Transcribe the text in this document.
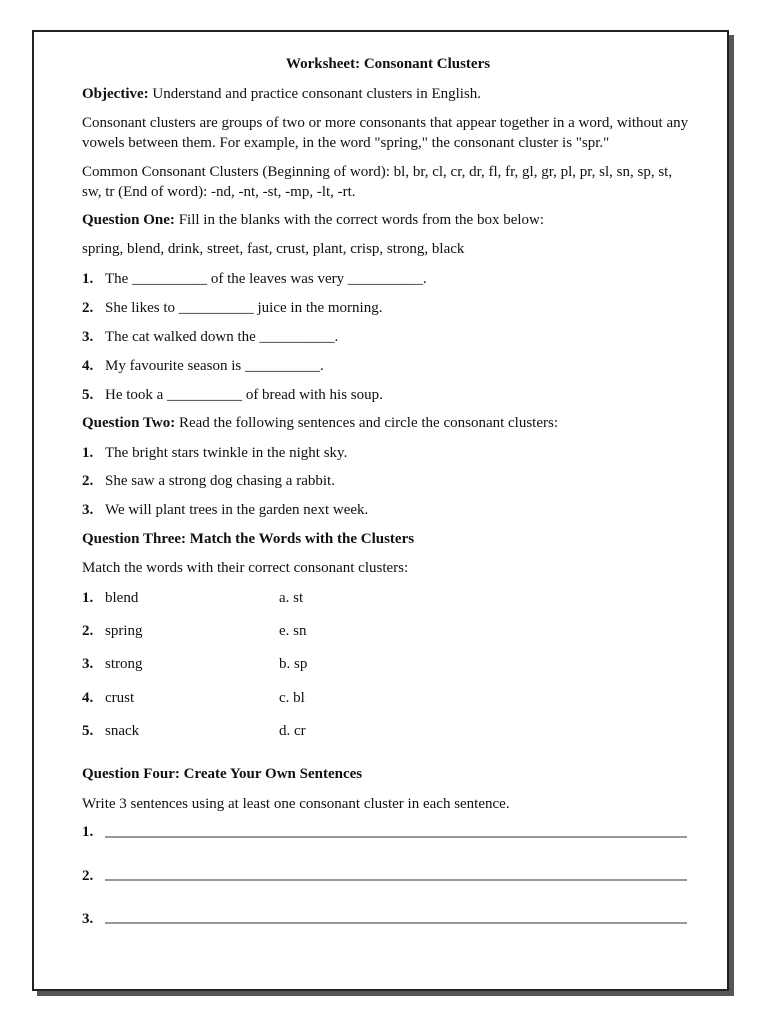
Worksheet: Consonant Clusters
Objective: Understand and practice consonant clusters in English.
Consonant clusters are groups of two or more consonants that appear together in a word, without any vowels between them. For example, in the word "spring," the consonant cluster is "spr."
Common Consonant Clusters (Beginning of word): bl, br, cl, cr, dr, fl, fr, gl, gr, pl, pr, sl, sn, sp, st, sw, tr (End of word): -nd, -nt, -st, -mp, -lt, -rt.
Question One: Fill in the blanks with the correct words from the box below:
spring, blend, drink, street, fast, crust, plant, crisp, strong, black
1. The __________ of the leaves was very __________.
2. She likes to __________ juice in the morning.
3. The cat walked down the __________.
4. My favourite season is __________.
5. He took a __________ of bread with his soup.
Question Two: Read the following sentences and circle the consonant clusters:
1. The bright stars twinkle in the night sky.
2. She saw a strong dog chasing a rabbit.
3. We will plant trees in the garden next week.
Question Three: Match the Words with the Clusters
Match the words with their correct consonant clusters:
1. blend	a. st
2. spring	e. sn
3. strong	b. sp
4. crust	c. bl
5. snack	d. cr
Question Four: Create Your Own Sentences
Write 3 sentences using at least one consonant cluster in each sentence.
1.
2.
3.
